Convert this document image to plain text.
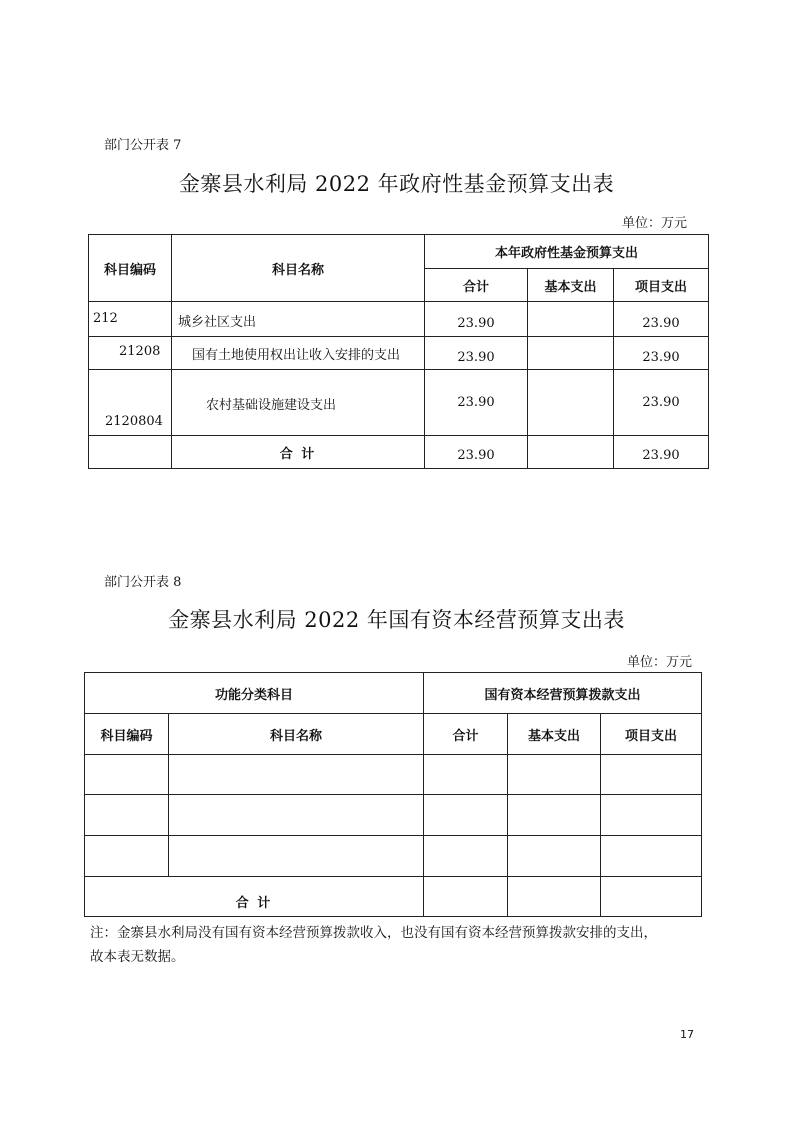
部门公开表 7
金寨县水利局 2022 年政府性基金预算支出表
单位：万元
科目编码	科目名称	本年政府性基金预算支出		
		合计	基本支出	项目支出
212	城乡社区支出	23.90		23.90
21208	国有土地使用权出让收入安排的支出	23.90		23.90
2120804	农村基础设施建设支出	23.90		23.90
	合 计	23.90		23.90
部门公开表 8
金寨县水利局 2022 年国有资本经营预算支出表
单位：万元
功能分类科目		国有资本经营预算拨款支出		
科目编码	科目名称	合计	基本支出	项目支出

合 计				
注：金寨县水利局没有国有资本经营预算拨款收入，也没有国有资本经营预算拨款安排的支出，
故本表无数据。
17
